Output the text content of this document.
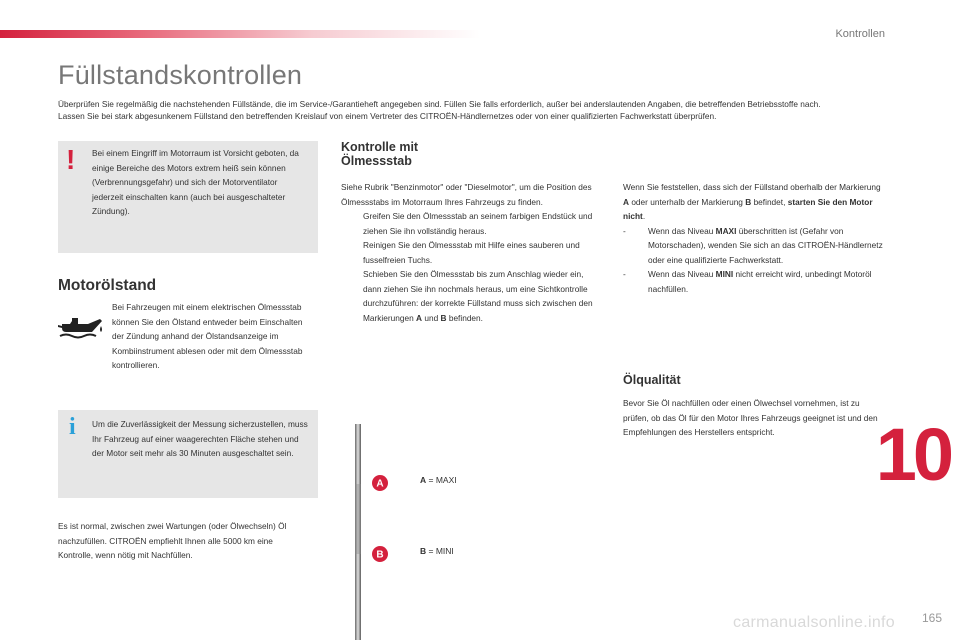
Kontrollen
Füllstandskontrollen

Überprüfen Sie regelmäßig die nachstehenden Füllstände, die im Service-/Garantieheft angegeben sind. Füllen Sie falls erforderlich, außer bei anderslautenden Angaben, die betreffenden Betriebsstoffe nach.

Lassen Sie bei stark abgesunkenem Füllstand den betreffenden Kreislauf von einem Vertreter des CITROËN-Händlernetzes oder von einer qualifizierten Fachwerkstatt überprüfen.

! Bei einem Eingriff im Motorraum ist Vorsicht geboten, da einige Bereiche des Motors extrem heiß sein können (Verbrennungsgefahr) und sich der Motorventilator jederzeit einschalten kann (auch bei ausgeschalteter Zündung).
Motorölstand
Bei Fahrzeugen mit einem elektrischen Ölmessstab können Sie den Ölstand entweder beim Einschalten der Zündung anhand der Ölstandsanzeige im Kombiinstrument ablesen oder mit dem Ölmessstab kontrollieren.
i Um die Zuverlässigkeit der Messung sicherzustellen, muss Ihr Fahrzeug auf einer waagerechten Fläche stehen und der Motor seit mehr als 30 Minuten ausgeschaltet sein.
Es ist normal, zwischen zwei Wartungen (oder Ölwechseln) Öl nachzufüllen. CITROËN empfiehlt Ihnen alle 5000 km eine Kontrolle, wenn nötig mit Nachfüllen.
Kontrolle mit
Ölmessstab
Siehe Rubrik "Benzinmotor" oder "Dieselmotor", um die Position des Ölmessstabs im Motorraum Ihres Fahrzeugs zu finden.
Greifen Sie den Ölmessstab an seinem farbigen Endstück und ziehen Sie ihn vollständig heraus.
Reinigen Sie den Ölmessstab mit Hilfe eines sauberen und fusselfreien Tuchs.
Schieben Sie den Ölmessstab bis zum Anschlag wieder ein, dann ziehen Sie ihn nochmals heraus, um eine Sichtkontrolle durchzuführen: der korrekte Füllstand muss sich zwischen den Markierungen A und B befinden.
Wenn Sie feststellen, dass sich der Füllstand oberhalb der Markierung A oder unterhalb der Markierung B befindet, starten Sie den Motor nicht.
-	Wenn das Niveau MAXI überschritten ist (Gefahr von Motorschaden), wenden Sie sich an das CITROËN-Händlernetz oder eine qualifizierte Fachwerkstatt.
-	Wenn das Niveau MINI nicht erreicht wird, unbedingt Motoröl nachfüllen.
Ölqualität
Bevor Sie Öl nachfüllen oder einen Ölwechsel vornehmen, ist zu prüfen, ob das Öl für den Motor Ihres Fahrzeugs geeignet ist und den Empfehlungen des Herstellers entspricht.
A
B
A = MAXI
B = MINI
10
carmanualsonline.info 165
